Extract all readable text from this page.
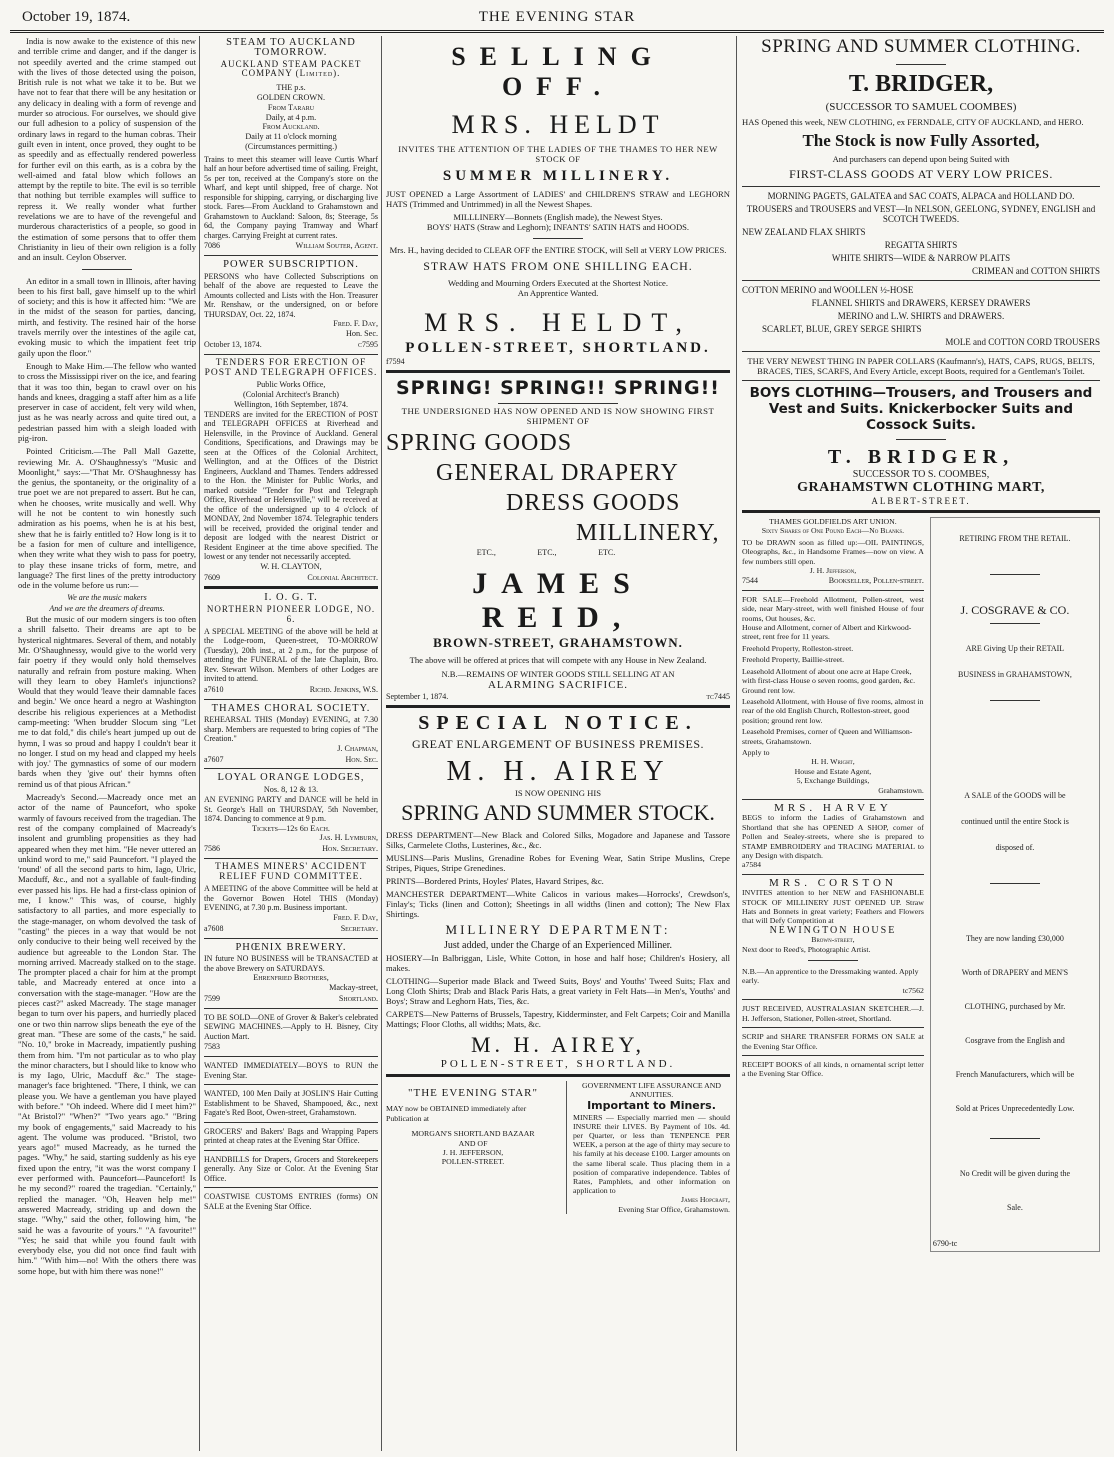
October 19, 1874.	THE EVENING STAR

India is now awake to the existence of this new and terrible crime and danger, and if the danger is not speedily averted and the crime stamped out with the lives of those detected using the poison, British rule is not what we take it to be. But we have not to fear that there will be any hesitation or any delicacy in dealing with a form of revenge and murder so atrocious. For ourselves, we should give our full adhesion to a policy of suspension of the ordinary laws in regard to the human cobras. Their guilt even in intent, once proved, they ought to be as speedily and as effectually rendered powerless for further evil on this earth, as is a cobra by the well-aimed and fatal blow which follows an attempt by the reptile to bite. The evil is so terrible that nothing but terrible examples will suffice to repress it. We really wonder what further revelations we are to have of the revengeful and murderous characteristics of a people, so good in the estimation of some persons that to offer them Christianity in lieu of their own religion is a folly and an insult. Ceylon Observer.

An editor in a small town in Illinois, after having been to his first ball, gave himself up to the whirl of society; and this is how it affected him: "We are in the midst of the season for parties, dancing, mirth, and festivity. The resined hair of the horse travels merrily over the intestines of the agile cat, evoking music to which the impatient feet trip gaily upon the floor."

Enough to Make Him.—The fellow who wanted to cross the Mississippi river on the ice, and fearing that it was too thin, began to crawl over on his hands and knees, dragging a staff after him as a life preserver in case of accident, felt very wild when, just as he was nearly across and quite tired out, a pedestrian passed him with a sleigh loaded with pig-iron.

Pointed Criticism.—The Pall Mall Gazette, reviewing Mr. A. O'Shaughnessy's "Music and Moonlight," says:—"That Mr. O'Shaughnessy has the genius, the spontaneity, or the originality of a true poet we are not prepared to assert. But he can, when he chooses, write musically and well. Why will he not be content to win honestly such admiration as his poems, when he is at his best, shew that he is fairly entitled to? How long is it to be a fasion for men of culture and intelligence, when they write what they wish to pass for poetry, to play these insane tricks of form, metre, and language? The first lines of the pretty introductory ode in the volume before us run:—

We are the music makers

And we are the dreamers of dreams.

But the music of our modern singers is too often a shrill falsetto. Their dreams are apt to be hysterical nightmares. Several of them, and notably Mr. O'Shaughnessy, would give to the world very fair poetry if they would only hold themselves naturally and refrain from posture making. When will they learn to obey Hamlet's injunctions? Would that they would 'leave their damnable faces and begin.' We once heard a negro at Washington describe his religious experiences at a Methodist camp-meeting: 'When brudder Slocum sing "Let me to dat fold," dis chile's heart jumped up out de hymn, I was so proud and happy I couldn't bear it no longer. I stud on my head and clapped my heels with joy.' The gymnastics of some of our modern bards when they 'give out' their hymns often remind us of that pious African."

Macready's Second.—Macready once met an actor of the name of Pauncefort, who spoke warmly of favours received from the tragedian. The rest of the company complained of Macready's insolent and grumbling propensities as they had appeared when they met him. "He never uttered an unkind word to me," said Pauncefort. "I played the 'round' of all the second parts to him, Iago, Ulric, Macduff, &c., and not a syallable of fault-finding ever passed his lips. He had a first-class opinion of me, I know." This was, of course, highly satisfactory to all parties, and more especially to the stage-manager, on whom devolved the task of "casting" the pieces in a way that would be not only conducive to their being well received by the audience but agreeable to the London Star. The morning arrived. Macready stalked on to the stage. The prompter placed a chair for him at the prompt table, and Macready entered at once into a conversation with the stage-manager. "How are the pieces cast?" asked Macready. The stage manager began to turn over his papers, and hurriedly placed one or two thin narrow slips beneath the eye of the great man. "These are some of the casts," he said. "No. 10," broke in Macready, impatiently pushing them from him. "I'm not particular as to who play the minor characters, but I should like to know who is my Iago, Ulric, Macduff &c." The stage-manager's face brightened. "There, I think, we can please you. We have a gentleman you have played with before." "Oh indeed. Where did I meet him?" "At Bristol?" "When?" "Two years ago." "Bring my book of engagements," said Macready to his agent. The volume was produced. "Bristol, two years ago!" mused Macready, as he turned the pages. "Why," he said, starting suddenly as his eye fixed upon the entry, "it was the worst company I ever performed with. Pauncefort—Pauncefort! Is he my second?" roared the tragedian. "Certainly," replied the manager. "Oh, Heaven help me!" answered Macready, striding up and down the stage. "Why," said the other, following him, "he said he was a favourite of yours." "A favourite!" "Yes; he said that while you found fault with everybody else, you did not once find fault with him." "With him—no! With the others there was some hope, but with him there was none!"

STEAM TO AUCKLAND TOMORROW.
AUCKLAND STEAM PACKET COMPANY (Limited).
THE p.s.
GOLDEN CROWN.
From Tararu
Daily, at 4 p.m.
From Auckland.
Daily at 11 o'clock morning
(Circumstances permitting.)
Trains to meet this steamer will leave Curtis Wharf half an hour before advertised time of sailing. Freight, 5s per ton, received at the Company's store on the Wharf, and kept until shipped, free of charge. Not responsible for shipping, carrying, or discharging live stock. Fares—From Auckland to Grahamstown and Grahamstown to Auckland: Saloon, 8s; Steerage, 5s 6d, the Company paying Tramway and Wharf charges. Carrying Freight at current rates.
7086	William Souter, Agent.
POWER SUBSCRIPTION.
PERSONS who have Collected Subscriptions on behalf of the above are requested to Leave the Amounts collected and Lists with the Hon. Treasurer Mr. Renshaw, or the undersigned, on or before THURSDAY, Oct. 22, 1874.
Fred. F. Day,
Hon. Sec.
October 13, 1874.	c7595
TENDERS FOR ERECTION OF POST AND TELEGRAPH OFFICES.
Public Works Office,
(Colonial Architect's Branch)
Wellington, 16th September, 1874.
TENDERS are invited for the ERECTION of POST and TELEGRAPH OFFICES at Riverhead and Helensville, in the Province of Auckland. General Conditions, Specifications, and Drawings may be seen at the Offices of the Colonial Architect, Wellington, and at the Offices of the District Engineers, Auckland and Thames. Tenders addressed to the Hon. the Minister for Public Works, and marked outside "Tender for Post and Telegraph Office, Riverhead or Helensville," will be received at the office of the undersigned up to 4 o'clock of MONDAY, 2nd November 1874. Telegraphic tenders will be received, provided the original tender and deposit are lodged with the nearest District or Resident Engineer at the time above specified. The lowest or any tender not necessarily accepted.
W. H. CLAYTON,
7609	Colonial Architect.
I. O. G. T.
NORTHERN PIONEER LODGE, NO. 6.
A SPECIAL MEETING of the above will be held at the Lodge-room, Queen-street, TO-MORROW (Tuesday), 20th inst., at 2 p.m., for the purpose of attending the FUNERAL of the late Chaplain, Bro. Rev. Stewart Wilson. Members of other Lodges are invited to attend.
a7610	Richd. Jenkins, W.S.
THAMES CHORAL SOCIETY.
REHEARSAL THIS (Monday) EVENING, at 7.30 sharp. Members are requested to bring copies of "The Creation."
J. Chapman,
a7607	Hon. Sec.
LOYAL ORANGE LODGES,
Nos. 8, 12 & 13.
AN EVENING PARTY and DANCE will be held in St. George's Hall on THURSDAY, 5th November, 1874. Dancing to commence at 9 p.m.
Tickets—12s 6d Each.
Jas. H. Lymburn,
7586	Hon. Secretary.
THAMES MINERS' ACCIDENT RELIEF FUND COMMITTEE.
A MEETING of the above Committee will be held at the Governor Bowen Hotel THIS (Monday) EVENING, at 7.30 p.m. Business important.
Fred. F. Day,
a7608	Secretary.
PHŒNIX BREWERY.
IN future NO BUSINESS will be TRANSACTED at the above Brewery on SATURDAYS.
Ehrenfried Brothers,
Mackay-street,
7599	Shortland.
TO BE SOLD—ONE of Grover & Baker's celebrated SEWING MACHINES.—Apply to H. Bisney, City Auction Mart.
7583
WANTED IMMEDIATELY—BOYS to RUN the Evening Star.
WANTED, 100 Men Daily at JOSLIN'S Hair Cutting Establishment to be Shaved, Shampooed, &c., next Fagate's Red Boot, Owen-street, Grahamstown.
GROCERS' and Bakers' Bags and Wrapping Papers printed at cheap rates at the Evening Star Office.
HANDBILLS for Drapers, Grocers and Storekeepers generally. Any Size or Color. At the Evening Star Office.
COASTWISE CUSTOMS ENTRIES (forms) ON SALE at the Evening Star Office.
SELLING OFF.
MRS. HELDT
INVITES THE ATTENTION OF THE LADIES OF THE THAMES TO HER NEW STOCK OF
SUMMER MILLINERY.

JUST OPENED a Large Assortment of LADIES' and CHILDREN'S STRAW and LEGHORN HATS (Trimmed and Untrimmed) in all the Newest Shapes.

MILLLINERY—Bonnets (English made), the Newest Styes.
BOYS' HATS (Straw and Leghorn); INFANTS' SATIN HATS and HOODS.
Mrs. H., having decided to CLEAR OFF the ENTIRE STOCK, will Sell at VERY LOW PRICES.
STRAW HATS FROM ONE SHILLING EACH.
Wedding and Mourning Orders Executed at the Shortest Notice.
An Apprentice Wanted.
MRS. HELDT,
POLLEN-STREET, SHORTLAND.
f7594
SPRING! SPRING!! SPRING!!
THE UNDERSIGNED HAS NOW OPENED AND IS NOW SHOWING FIRST SHIPMENT OF
SPRING GOODS
GENERAL DRAPERY
DRESS GOODS
MILLINERY,
ETC.,	ETC.,	ETC.
JAMES REID,
BROWN-STREET, GRAHAMSTOWN.
The above will be offered at prices that will compete with any House in New Zealand.
N.B.—REMAINS OF WINTER GOODS STILL SELLING AT AN
ALARMING SACRIFICE.
September 1, 1874.	tc7445
SPECIAL NOTICE.
GREAT ENLARGEMENT OF BUSINESS PREMISES.
M. H. AIREY
IS NOW OPENING HIS
SPRING AND SUMMER STOCK.

DRESS DEPARTMENT—New Black and Colored Silks, Mogadore and Japanese and Tassore Silks, Carmelete Cloths, Lusterines, &c., &c.

MUSLINS—Paris Muslins, Grenadine Robes for Evening Wear, Satin Stripe Muslins, Crepe Stripes, Piques, Stripe Grenedines.

PRINTS—Bordered Prints, Hoyles' Plates, Havard Stripes, &c.

MANCHESTER DEPARTMENT—White Calicos in various makes—Horrocks', Crewdson's, Finlay's; Ticks (linen and Cotton); Sheetings in all widths (linen and cotton); The New Flax Shirtings.

MILLINERY DEPARTMENT:
Just added, under the Charge of an Experienced Milliner.

HOSIERY—In Balbriggan, Lisle, White Cotton, in hose and half hose; Children's Hosiery, all makes.

CLOTHING—Superior made Black and Tweed Suits, Boys' and Youths' Tweed Suits; Flax and Long Cloth Shirts; Drab and Black Paris Hats, a great variety in Felt Hats—in Men's, Youths' and Boys'; Straw and Leghorn Hats, Ties, &c.

CARPETS—New Patterns of Brussels, Tapestry, Kidderminster, and Felt Carpets; Coir and Manilla Mattings; Floor Cloths, all widths; Mats, &c.

M. H. AIREY,
POLLEN-STREET, SHORTLAND.
"THE EVENING STAR"
MAY now be OBTAINED immediately after Publication at
MORGAN'S SHORTLAND BAZAAR
AND OF
J. H. JEFFERSON,
POLLEN-STREET.
GOVERNMENT LIFE ASSURANCE AND ANNUITIES.
Important to Miners.
MINERS — Especially married men — should INSURE their LIVES. By Payment of 10s. 4d. per Quarter, or less than TENPENCE PER WEEK, a person at the age of thirty may secure to his family at his decease £100. Larger amounts on the same liberal scale. Thus placing them in a position of comparative independence. Tables of Rates, Pamphlets, and other information on application to
James Hopcraft,
Evening Star Office, Grahamstown.
SPRING AND SUMMER CLOTHING.
T. BRIDGER,
(SUCCESSOR TO SAMUEL COOMBES)
HAS Opened this week, NEW CLOTHING, ex FERNDALE, CITY OF AUCKLAND, and HERO.
The Stock is now Fully Assorted,
And purchasers can depend upon being Suited with
FIRST-CLASS GOODS AT VERY LOW PRICES.
MORNING PAGETS, GALATEA and SAC COATS, ALPACA and HOLLAND DO.
TROUSERS and TROUSERS and VEST—In NELSON, GEELONG, SYDNEY, ENGLISH and SCOTCH TWEEDS.
NEW ZEALAND FLAX SHIRTS
REGATTA SHIRTS
WHITE SHIRTS—WIDE & NARROW PLAITS
CRIMEAN and COTTON SHIRTS
COTTON MERINO and WOOLLEN ½-HOSE
FLANNEL SHIRTS and DRAWERS, KERSEY DRAWERS
MERINO and L.W. SHIRTS and DRAWERS.
SCARLET, BLUE, GREY SERGE SHIRTS
MOLE and COTTON CORD TROUSERS
THE VERY NEWEST THING IN PAPER COLLARS (Kaufmann's), HATS, CAPS, RUGS, BELTS, BRACES, TIES, SCARFS, And Every Article, except Boots, required for a Gentleman's Toilet.
BOYS CLOTHING—Trousers, and Trousers and Vest and Suits. Knickerbocker Suits and Cossock Suits.
T. BRIDGER,
SUCCESSOR TO S. COOMBES,
GRAHAMSTWN CLOTHING MART,
ALBERT-STREET.
THAMES GOLDFIELDS ART UNION.
Sixty Shares of One Pound Each—No Blanks.
TO be DRAWN soon as filled up:—OIL PAINTINGS, Oleographs, &c., in Handsome Frames—now on view. A few numbers still open.
J. H. Jefferson,
7544	Bookseller, Pollen-street.
FOR SALE—Freehold Allotment, Pollen-street, west side, near Mary-street, with well finished House of four rooms, Out houses, &c.
House and Allotment, corner of Albert and Kirkwood-street, rent free for 11 years.
Freehold Property, Rolleston-street.
Freehold Property, Baillie-street.
Leasehold Allotment of about one acre at Hape Creek, with first-class House o seven rooms, good garden, &c. Ground rent low.
Leasehold Allotment, with House of five rooms, almost in rear of the old English Church, Rolleston-street, good position; ground rent low.
Leasehold Premises, corner of Queen and Williamson-streets, Grahamstown.
Apply to
H. H. Wright,
House and Estate Agent,
5, Exchange Buildings,
Grahamstown.
MRS. HARVEY
BEGS to inform the Ladies of Grahamstown and Shortland that she has OPENED A SHOP, corner of Pollen and Sealey-streets, where she is prepared to STAMP EMBROIDERY and TRACING MATERIAL to any Design with dispatch.
a7584
MRS. CORSTON
INVITES attention to her NEW and FASHIONABLE STOCK OF MILLINERY JUST OPENED UP. Straw Hats and Bonnets in great variety; Feathers and Flowers that will Defy Competition at
NEWINGTON HOUSE
Brown-street,
Next door to Reed's, Photographic Artist.
N.B.—An apprentice to the Dressmaking wanted. Apply early.
tc7562
JUST RECEIVED, AUSTRALASIAN SKETCHER.—J. H. Jefferson, Stationer, Pollen-street, Shortland.
SCRIP and SHARE TRANSFER FORMS ON SALE at the Evening Star Office.
RECEIPT BOOKS of all kinds, n ornamental script letter a the Evening Star Office.
RETIRING FROM THE RETAIL.
J. COSGRAVE & CO.
ARE Giving Up their RETAIL
BUSINESS in GRAHAMSTOWN,
A SALE of the GOODS will be
continued until the entire Stock is
disposed of.
They are now landing £30,000
Worth of DRAPERY and MEN'S
CLOTHING, purchased by Mr.
Cosgrave from the English and
French Manufacturers, which will be
Sold at Prices Unprecedentedly Low.
No Credit will be given during the
Sale.
6790-tc
